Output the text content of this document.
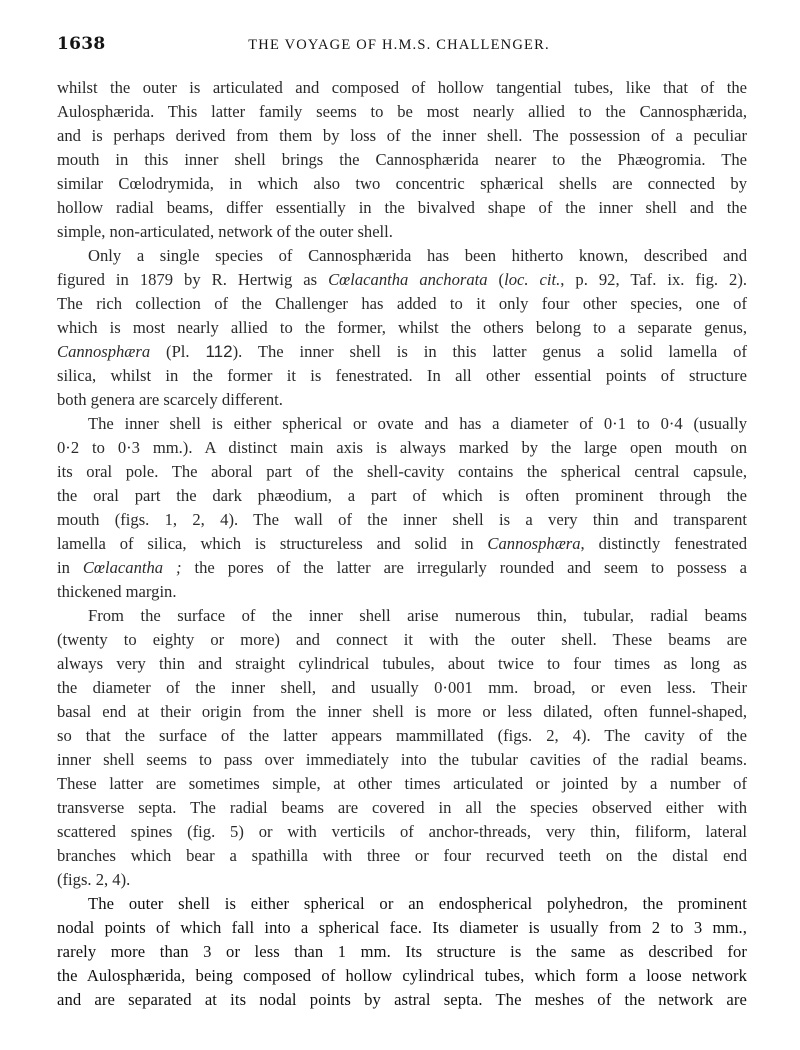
1638	THE VOYAGE OF H.M.S. CHALLENGER.

whilst the outer is articulated and composed of hollow tangential tubes, like that of the
Aulosphærida. This latter family seems to be most nearly allied to the Cannosphærida,
and is perhaps derived from them by loss of the inner shell. The possession of a peculiar
mouth in this inner shell brings the Cannosphærida nearer to the Phæogromia. The
similar Cœlodrymida, in which also two concentric sphærical shells are connected by
hollow radial beams, differ essentially in the bivalved shape of the inner shell and the
simple, non-articulated, network of the outer shell.

Only a single species of Cannosphærida has been hitherto known, described and
figured in 1879 by R. Hertwig as Cœlacantha anchorata (loc. cit., p. 92, Taf. ix. fig. 2).
The rich collection of the Challenger has added to it only four other species, one of
which is most nearly allied to the former, whilst the others belong to a separate genus,
Cannosphæra (Pl. 112). The inner shell is in this latter genus a solid lamella of
silica, whilst in the former it is fenestrated. In all other essential points of structure
both genera are scarcely different.

The inner shell is either spherical or ovate and has a diameter of 0·1 to 0·4 (usually
0·2 to 0·3 mm.). A distinct main axis is always marked by the large open mouth on
its oral pole. The aboral part of the shell-cavity contains the spherical central capsule,
the oral part the dark phæodium, a part of which is often prominent through the
mouth (figs. 1, 2, 4). The wall of the inner shell is a very thin and transparent
lamella of silica, which is structureless and solid in Cannosphæra, distinctly fenestrated
in Cœlacantha ; the pores of the latter are irregularly rounded and seem to possess a
thickened margin.

From the surface of the inner shell arise numerous thin, tubular, radial beams
(twenty to eighty or more) and connect it with the outer shell. These beams are
always very thin and straight cylindrical tubules, about twice to four times as long as
the diameter of the inner shell, and usually 0·001 mm. broad, or even less. Their
basal end at their origin from the inner shell is more or less dilated, often funnel-shaped,
so that the surface of the latter appears mammillated (figs. 2, 4). The cavity of the
inner shell seems to pass over immediately into the tubular cavities of the radial beams.
These latter are sometimes simple, at other times articulated or jointed by a number of
transverse septa. The radial beams are covered in all the species observed either with
scattered spines (fig. 5) or with verticils of anchor-threads, very thin, filiform, lateral
branches which bear a spathilla with three or four recurved teeth on the distal end
(figs. 2, 4).

The outer shell is either spherical or an endospherical polyhedron, the prominent
nodal points of which fall into a spherical face. Its diameter is usually from 2 to 3 mm.,
rarely more than 3 or less than 1 mm. Its structure is the same as described for
the Aulosphærida, being composed of hollow cylindrical tubes, which form a loose network
and are separated at its nodal points by astral septa. The meshes of the network are
